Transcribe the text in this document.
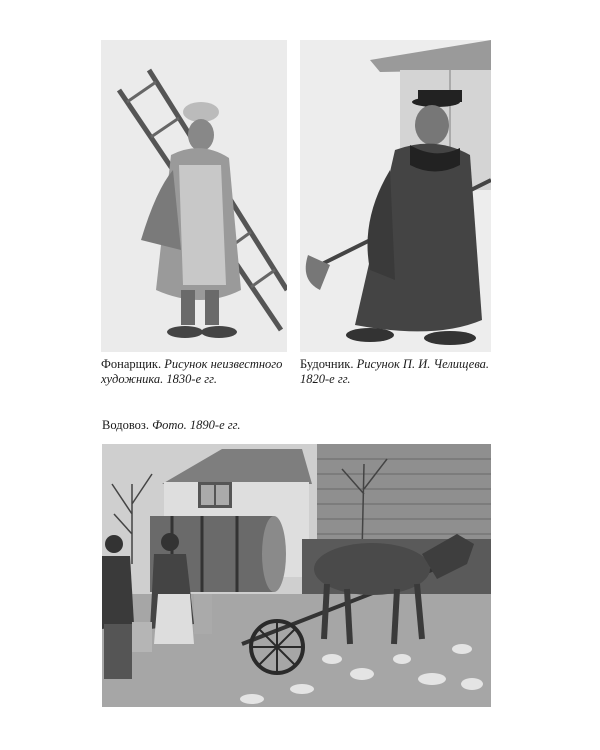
Фонарщик. Рисунок неизвестного художника. 1830-е гг.
Будочник. Рисунок П. И. Челищева. 1820-е гг.
Водовоз. Фото. 1890-е гг.
